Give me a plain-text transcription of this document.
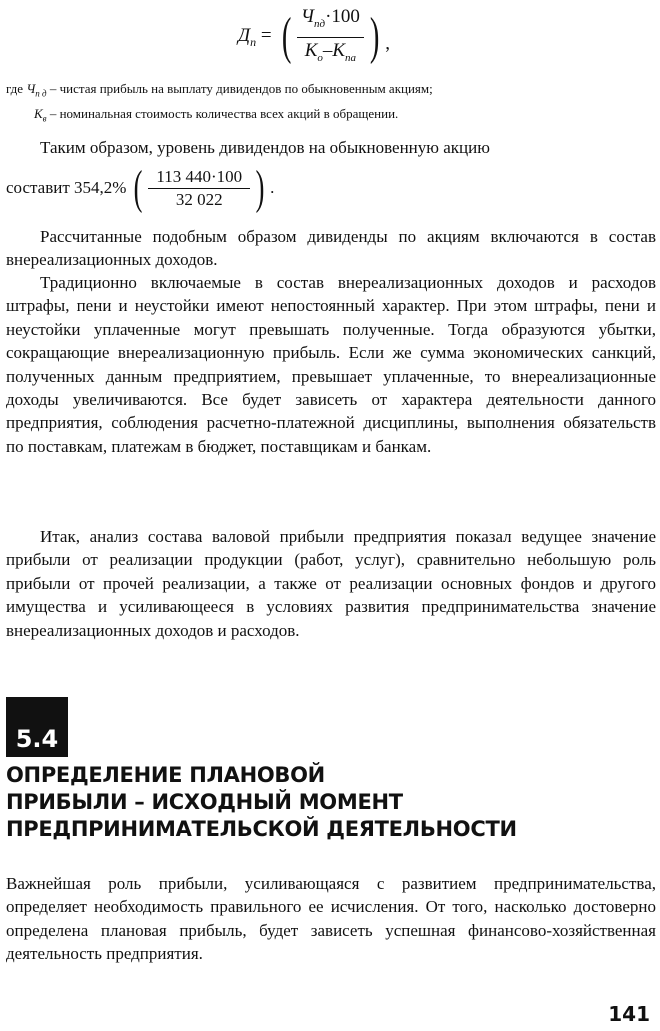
$Д_п$ = ( $\frac{Ч_{пд}\cdot 100}{К_о-К_{па}}$ ) ,
где $Ч_{п д}$ – чистая прибыль на выплату дивидендов по обыкновенным акциям;
$К_в$ – номинальная стоимость количества всех акций в обращении.
Таким образом, уровень дивидендов на обыкновенную акцию
составит 354,2% ( $\frac{113 440\cdot 100}{32 022}$ ) .
Рассчитанные подобным образом дивиденды по акциям включаются в состав внереализационных доходов.
Традиционно включаемые в состав внереализационных доходов и расходов штрафы, пени и неустойки имеют непостоянный характер. При этом штрафы, пени и неустойки уплаченные могут превышать полученные. Тогда образуются убытки, сокращающие внереализационную прибыль. Если же сумма экономических санкций, полученных данным предприятием, превышает уплаченные, то внереализационные доходы увеличиваются. Все будет зависеть от характера деятельности данного предприятия, соблюдения расчетно-платежной дисциплины, выполнения обязательств по поставкам, платежам в бюджет, поставщикам и банкам.
Итак, анализ состава валовой прибыли предприятия показал ведущее значение прибыли от реализации продукции (работ, услуг), сравнительно небольшую роль прибыли от прочей реализации, а также от реализации основных фондов и другого имущества и усиливающееся в условиях развития предпринимательства значение внереализационных доходов и расходов.
5.4
ОПРЕДЕЛЕНИЕ ПЛАНОВОЙ
ПРИБЫЛИ – ИСХОДНЫЙ МОМЕНТ
ПРЕДПРИНИМАТЕЛЬСКОЙ ДЕЯТЕЛЬНОСТИ
Важнейшая роль прибыли, усиливающаяся с развитием предпринимательства, определяет необходимость правильного ее исчисления. От того, насколько достоверно определена плановая прибыль, будет зависеть успешная финансово-хозяйственная деятельность предприятия.
141
